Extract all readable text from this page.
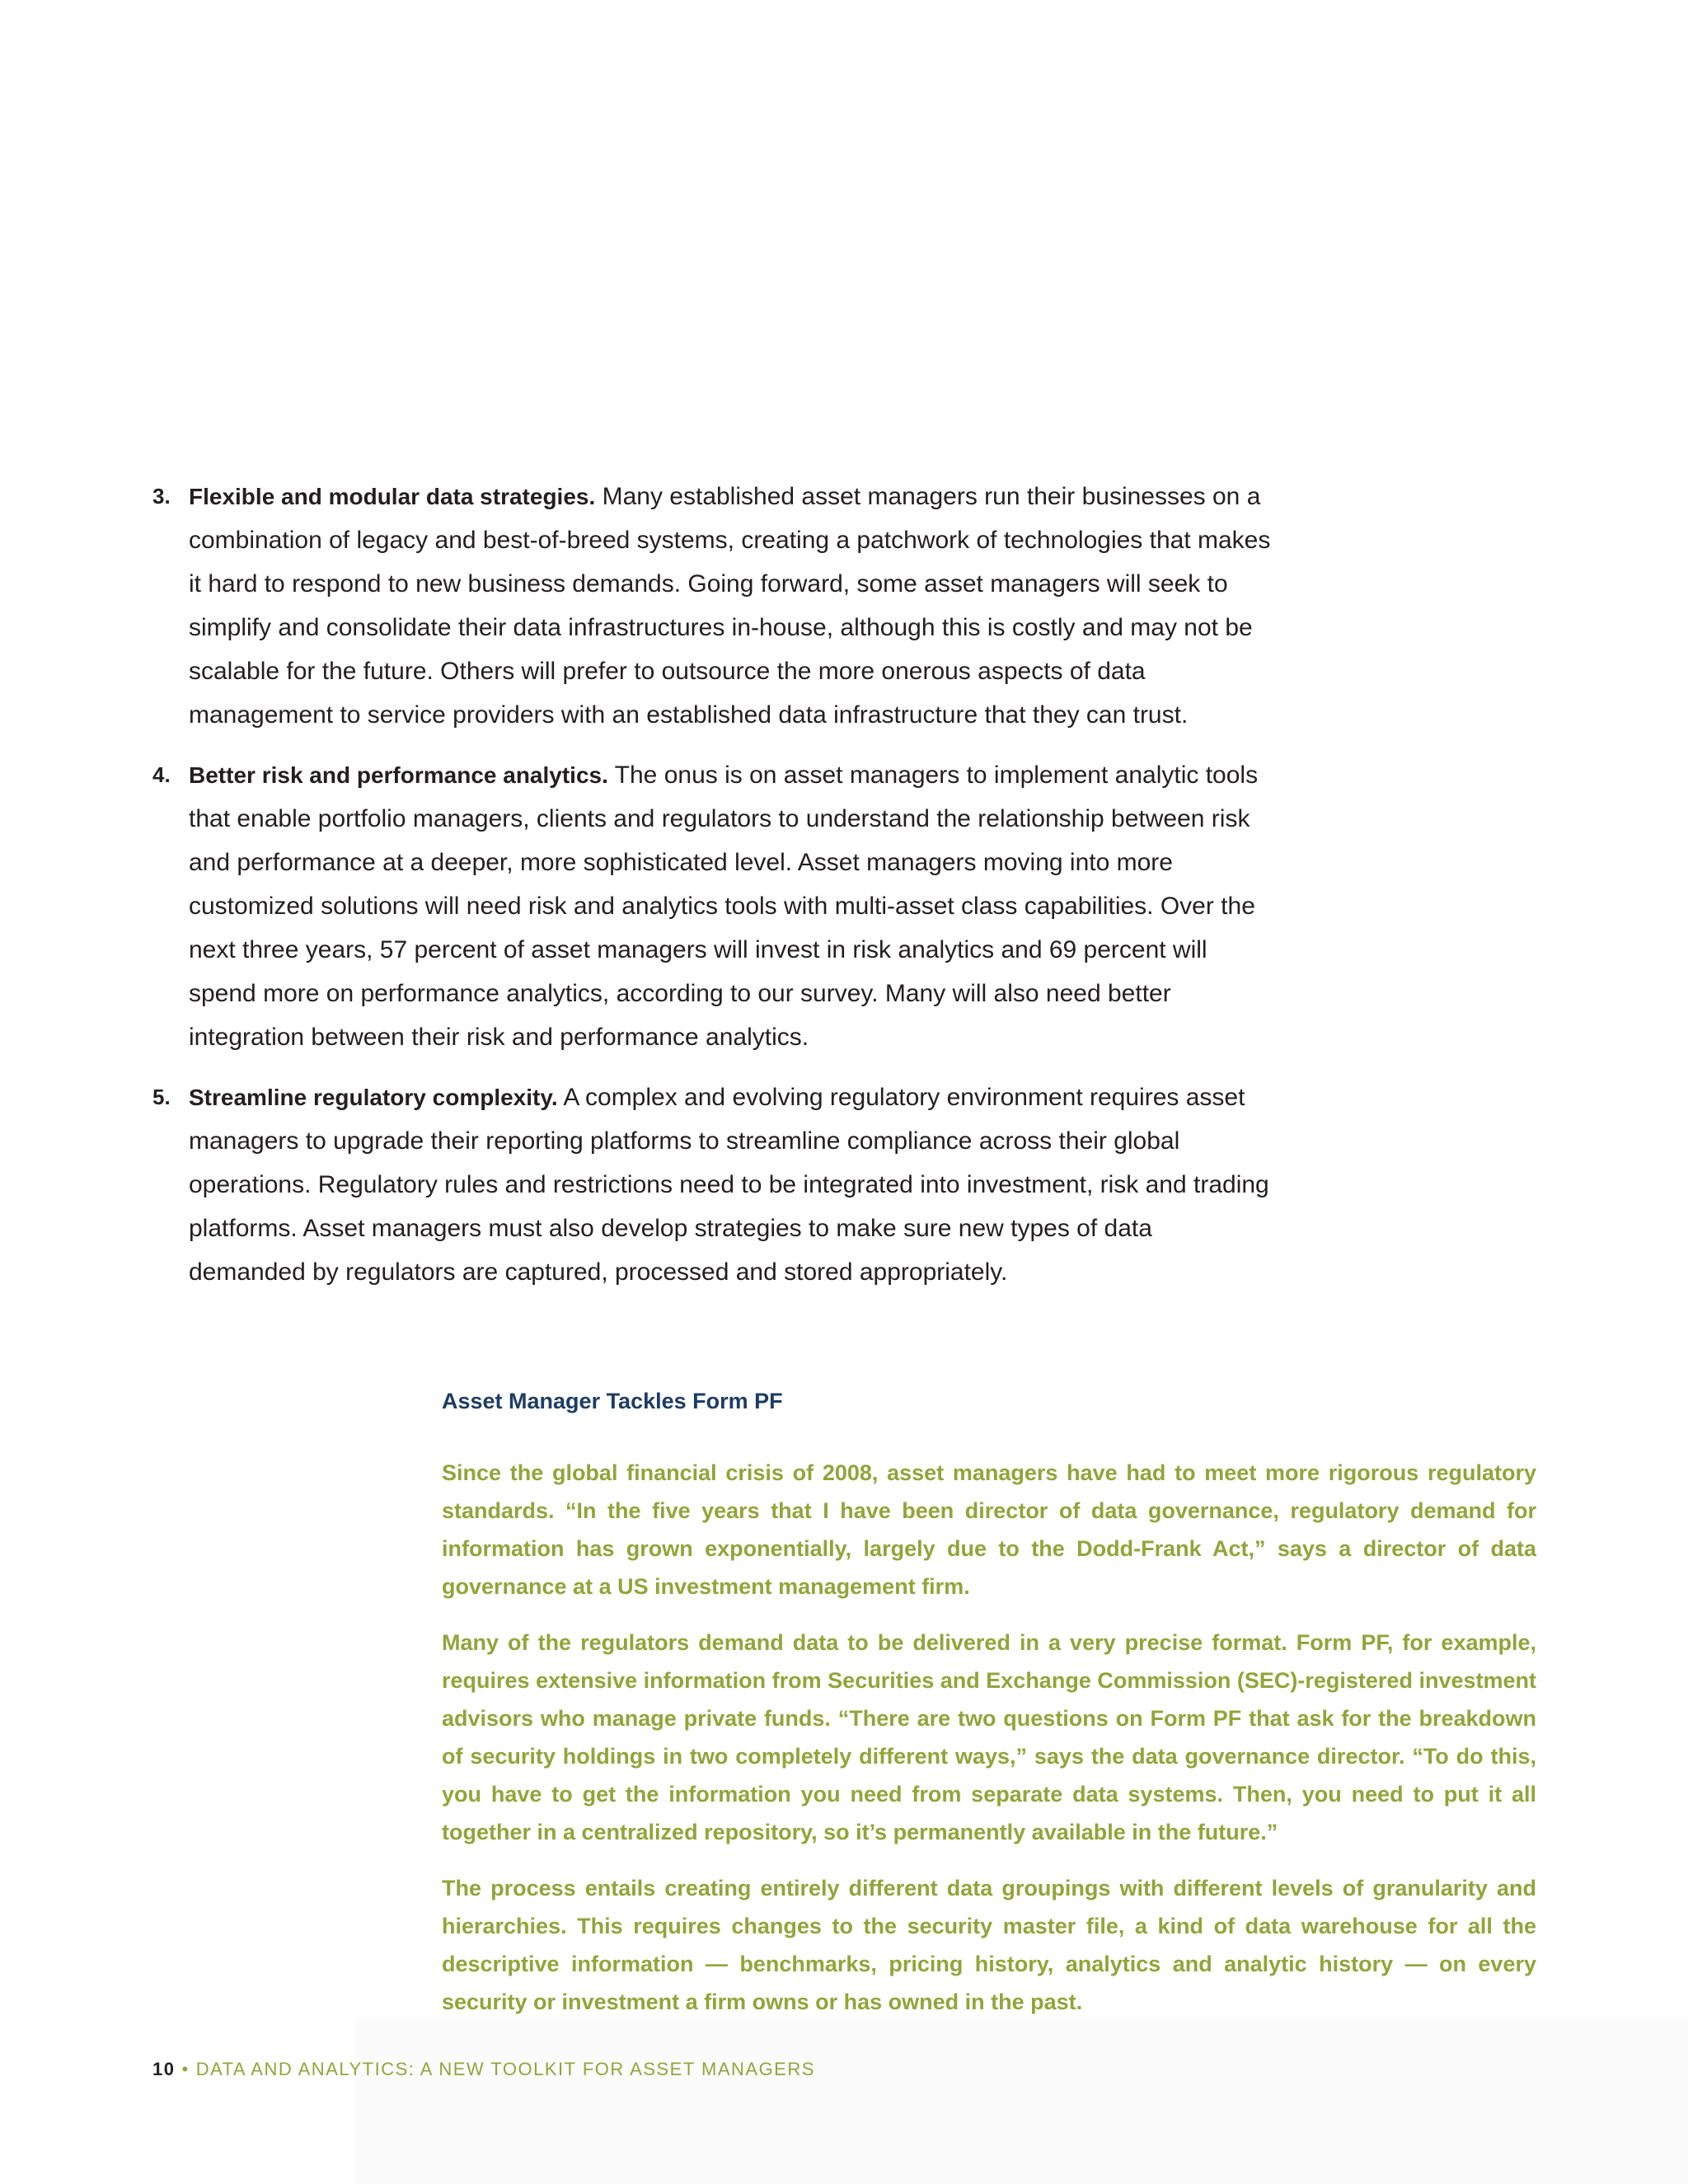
3. Flexible and modular data strategies. Many established asset managers run their businesses on a combination of legacy and best-of-breed systems, creating a patchwork of technologies that makes it hard to respond to new business demands. Going forward, some asset managers will seek to simplify and consolidate their data infrastructures in-house, although this is costly and may not be scalable for the future. Others will prefer to outsource the more onerous aspects of data management to service providers with an established data infrastructure that they can trust.
4. Better risk and performance analytics. The onus is on asset managers to implement analytic tools that enable portfolio managers, clients and regulators to understand the relationship between risk and performance at a deeper, more sophisticated level. Asset managers moving into more customized solutions will need risk and analytics tools with multi-asset class capabilities. Over the next three years, 57 percent of asset managers will invest in risk analytics and 69 percent will spend more on performance analytics, according to our survey. Many will also need better integration between their risk and performance analytics.
5. Streamline regulatory complexity. A complex and evolving regulatory environment requires asset managers to upgrade their reporting platforms to streamline compliance across their global operations. Regulatory rules and restrictions need to be integrated into investment, risk and trading platforms. Asset managers must also develop strategies to make sure new types of data demanded by regulators are captured, processed and stored appropriately.
Asset Manager Tackles Form PF

Since the global financial crisis of 2008, asset managers have had to meet more rigorous regulatory standards. “In the five years that I have been director of data governance, regulatory demand for information has grown exponentially, largely due to the Dodd-Frank Act,” says a director of data governance at a US investment management firm.

Many of the regulators demand data to be delivered in a very precise format. Form PF, for example, requires extensive information from Securities and Exchange Commission (SEC)-registered investment advisors who manage private funds. “There are two questions on Form PF that ask for the breakdown of security holdings in two completely different ways,” says the data governance director. “To do this, you have to get the information you need from separate data systems. Then, you need to put it all together in a centralized repository, so it’s permanently available in the future.”

The process entails creating entirely different data groupings with different levels of granularity and hierarchies. This requires changes to the security master file, a kind of data warehouse for all the descriptive information — benchmarks, pricing history, analytics and analytic history — on every security or investment a firm owns or has owned in the past.

10 • DATA AND ANALYTICS: A NEW TOOLKIT FOR ASSET MANAGERS
